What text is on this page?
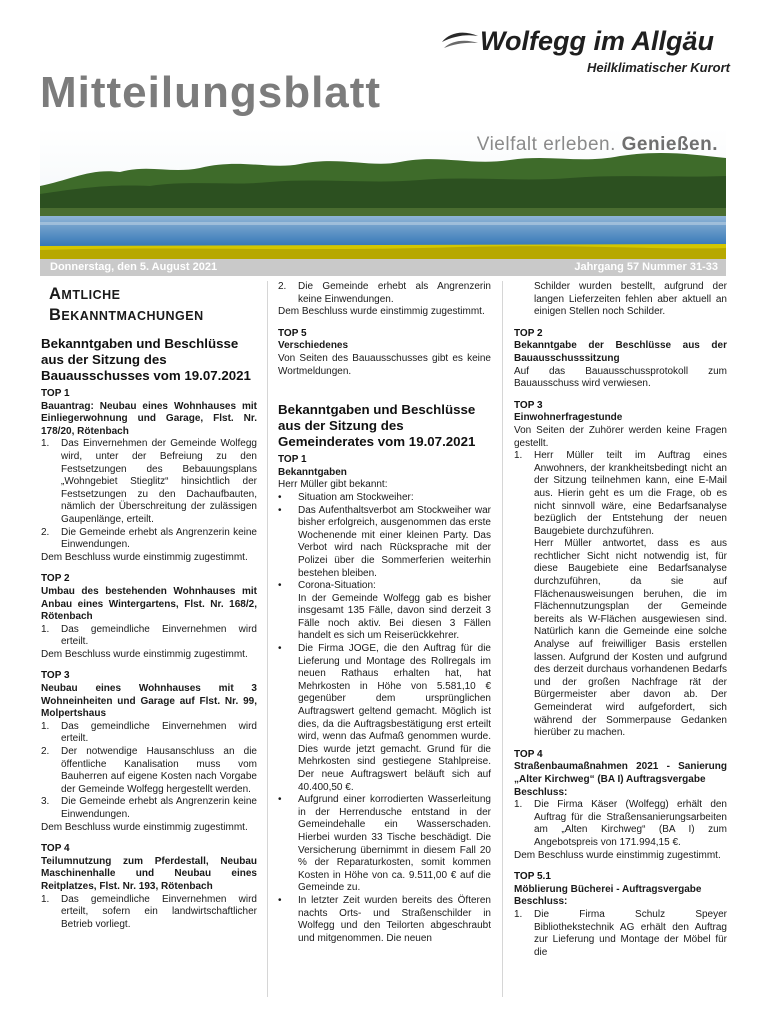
Wolfegg im Allgäu
Heilklimatischer Kurort
Mitteilungsblatt
Vielfalt erleben. Genießen.
Donnerstag, den 5. August 2021	Jahrgang 57 Nummer 31-33
AMTLICHE
BEKANNTMACHUNGEN
Bekanntgaben und Beschlüsse aus der Sitzung des Bauausschusses vom 19.07.2021
TOP 1

Bauantrag: Neubau eines Wohnhauses mit Einliegerwohnung und Garage, Flst. Nr. 178/20, Rötenbach

1. Das Einvernehmen der Gemeinde Wolfegg wird, unter der Befreiung zu den Festsetzungen des Bebauungsplans „Wohngebiet Stieglitz“ hinsichtlich der Festsetzungen zu den Dachaufbauten, nämlich der Überschreitung der zulässigen Gaupenlänge, erteilt.
2. Die Gemeinde erhebt als Angrenzerin keine Einwendungen.

Dem Beschluss wurde einstimmig zugestimmt.

TOP 2

Umbau des bestehenden Wohnhauses mit Anbau eines Wintergartens, Flst. Nr. 168/2, Rötenbach

1. Das gemeindliche Einvernehmen wird erteilt.

Dem Beschluss wurde einstimmig zugestimmt.

TOP 3

Neubau eines Wohnhauses mit 3 Wohneinheiten und Garage auf Flst. Nr. 99, Molpertshaus

1. Das gemeindliche Einvernehmen wird erteilt.
2. Der notwendige Hausanschluss an die öffentliche Kanalisation muss vom Bauherren auf eigene Kosten nach Vorgabe der Gemeinde Wolfegg hergestellt werden.
3. Die Gemeinde erhebt als Angrenzerin keine Einwendungen.

Dem Beschluss wurde einstimmig zugestimmt.

TOP 4

Teilumnutzung zum Pferdestall, Neubau Maschinenhalle und Neubau eines Reitplatzes, Flst. Nr. 193, Rötenbach

1. Das gemeindliche Einvernehmen wird erteilt, sofern ein landwirtschaftlicher Betrieb vorliegt.
2. Die Gemeinde erhebt als Angrenzerin keine Einwendungen.

Dem Beschluss wurde einstimmig zugestimmt.

TOP 5

Verschiedenes

Von Seiten des Bauausschusses gibt es keine Wortmeldungen.

Bekanntgaben und Beschlüsse aus der Sitzung des Gemeinderates vom 19.07.2021
TOP 1

Bekanntgaben

Herr Müller gibt bekannt:

• Situation am Stockweiher:
• Das Aufenthaltsverbot am Stockweiher war bisher erfolgreich, ausgenommen das erste Wochenende mit einer kleinen Party. Das Verbot wird nach Rücksprache mit der Polizei über die Sommerferien weiterhin bestehen bleiben.
• Corona-Situation:
In der Gemeinde Wolfegg gab es bisher insgesamt 135 Fälle, davon sind derzeit 3 Fälle noch aktiv. Bei diesen 3 Fällen handelt es sich um Reiserückkehrer.
• Die Firma JOGE, die den Auftrag für die Lieferung und Montage des Rollregals im neuen Rathaus erhalten hat, hat Mehrkosten in Höhe von 5.581,10 € gegenüber dem ursprünglichen Auftragswert geltend gemacht. Möglich ist dies, da die Auftragsbestätigung erst erteilt wird, wenn das Aufmaß genommen wurde. Dies wurde jetzt gemacht. Grund für die Mehrkosten sind gestiegene Stahlpreise. Der neue Auftragswert beläuft sich auf 40.400,50 €.
• Aufgrund einer korrodierten Wasserleitung in der Herrendusche entstand in der Gemeindehalle ein Wasserschaden. Hierbei wurden 33 Tische beschädigt. Die Versicherung übernimmt in diesem Fall 20 % der Reparaturkosten, somit kommen Kosten in Höhe von ca. 9.511,00 € auf die Gemeinde zu.
• In letzter Zeit wurden bereits des Öfteren nachts Orts- und Straßenschilder in Wolfegg und den Teilorten abgeschraubt und mitgenommen. Die neuen

Schilder wurden bestellt, aufgrund der langen Lieferzeiten fehlen aber aktuell an einigen Stellen noch Schilder.

TOP 2

Bekanntgabe der Beschlüsse aus der Bauausschusssitzung

Auf das Bauausschussprotokoll zum Bauausschuss wird verwiesen.

TOP 3

Einwohnerfragestunde

Von Seiten der Zuhörer werden keine Fragen gestellt.

1. Herr Müller teilt im Auftrag eines Anwohners, der krankheitsbedingt nicht an der Sitzung teilnehmen kann, eine E-Mail aus. Hierin geht es um die Frage, ob es nicht sinnvoll wäre, eine Bedarfsanalyse bezüglich der Entstehung der neuen Baugebiete durchzuführen.

Herr Müller antwortet, dass es aus rechtlicher Sicht nicht notwendig ist, für diese Baugebiete eine Bedarfsanalyse durchzuführen, da sie auf Flächenausweisungen beruhen, die im Flächennutzungsplan der Gemeinde bereits als W-Flächen ausgewiesen sind. Natürlich kann die Gemeinde eine solche Analyse auf freiwilliger Basis erstellen lassen. Aufgrund der Kosten und aufgrund des derzeit durchaus vorhandenen Bedarfs und der großen Nachfrage rät der Bürgermeister aber davon ab. Der Gemeinderat wird aufgefordert, sich während der Sommerpause Gedanken hierüber zu machen.

TOP 4

Straßenbaumaßnahmen 2021 - Sanierung „Alter Kirchweg“ (BA I) Auftragsvergabe

Beschluss:

1. Die Firma Käser (Wolfegg) erhält den Auftrag für die Straßensanierungsarbeiten am „Alten Kirchweg“ (BA I) zum Angebotspreis von 171.994,15 €.

Dem Beschluss wurde einstimmig zugestimmt.

TOP 5.1

Möblierung Bücherei - Auftragsvergabe

Beschluss:

1. Die Firma Schulz Speyer Bibliothekstechnik AG erhält den Auftrag zur Lieferung und Montage der Möbel für die
